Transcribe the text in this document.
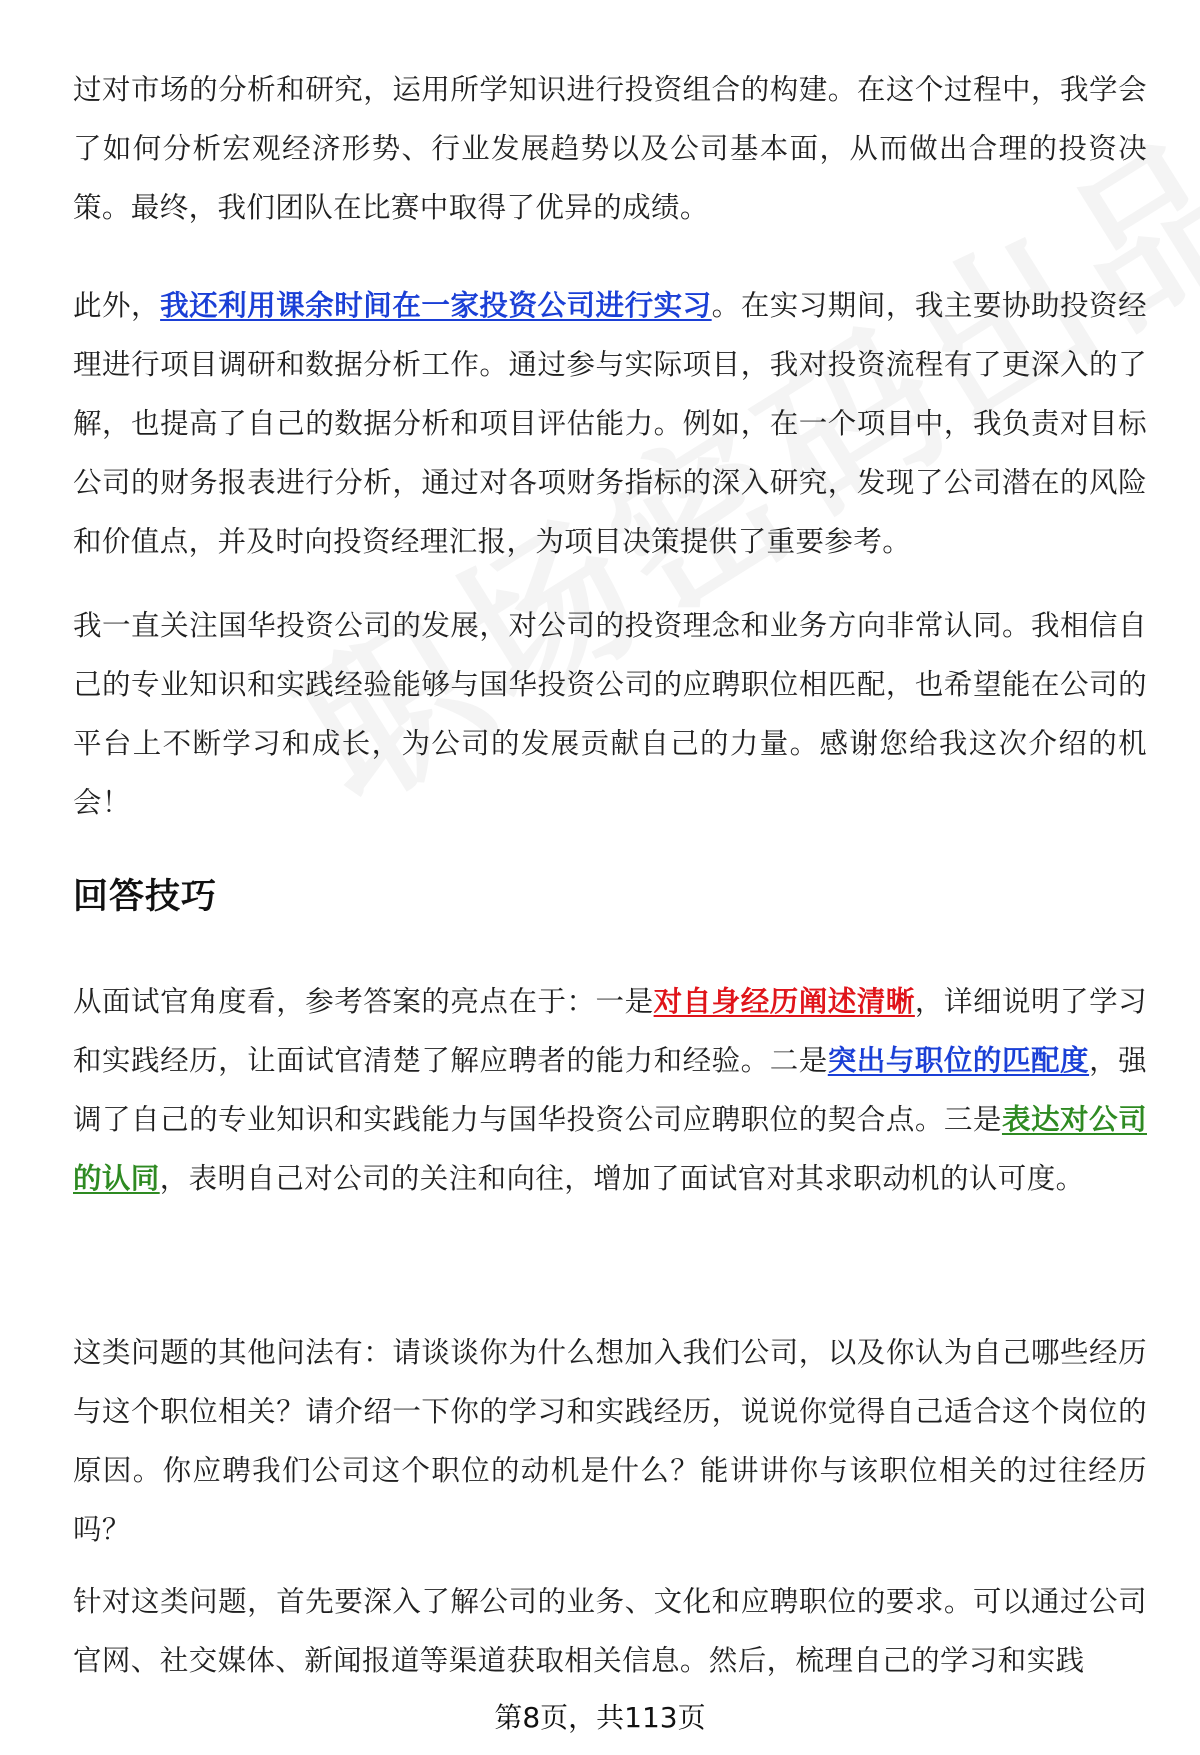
过对市场的分析和研究，运用所学知识进行投资组合的构建。在这个过程中，我学会了如何分析宏观经济形势、行业发展趋势以及公司基本面，从而做出合理的投资决策。最终，我们团队在比赛中取得了优异的成绩。

此外，我还利用课余时间在一家投资公司进行实习。在实习期间，我主要协助投资经理进行项目调研和数据分析工作。通过参与实际项目，我对投资流程有了更深入的了解，也提高了自己的数据分析和项目评估能力。例如，在一个项目中，我负责对目标公司的财务报表进行分析，通过对各项财务指标的深入研究，发现了公司潜在的风险和价值点，并及时向投资经理汇报，为项目决策提供了重要参考。

我一直关注国华投资公司的发展，对公司的投资理念和业务方向非常认同。我相信自己的专业知识和实践经验能够与国华投资公司的应聘职位相匹配，也希望能在公司的平台上不断学习和成长，为公司的发展贡献自己的力量。感谢您给我这次介绍的机会！

回答技巧

从面试官角度看，参考答案的亮点在于：一是对自身经历阐述清晰，详细说明了学习和实践经历，让面试官清楚了解应聘者的能力和经验。二是突出与职位的匹配度，强调了自己的专业知识和实践能力与国华投资公司应聘职位的契合点。三是表达对公司的认同，表明自己对公司的关注和向往，增加了面试官对其求职动机的认可度。

这类问题的其他问法有：请谈谈你为什么想加入我们公司，以及你认为自己哪些经历与这个职位相关？请介绍一下你的学习和实践经历，说说你觉得自己适合这个岗位的原因。你应聘我们公司这个职位的动机是什么？能讲讲你与该职位相关的过往经历吗？

针对这类问题，首先要深入了解公司的业务、文化和应聘职位的要求。可以通过公司官网、社交媒体、新闻报道等渠道获取相关信息。然后，梳理自己的学习和实践

第8页，共113页
